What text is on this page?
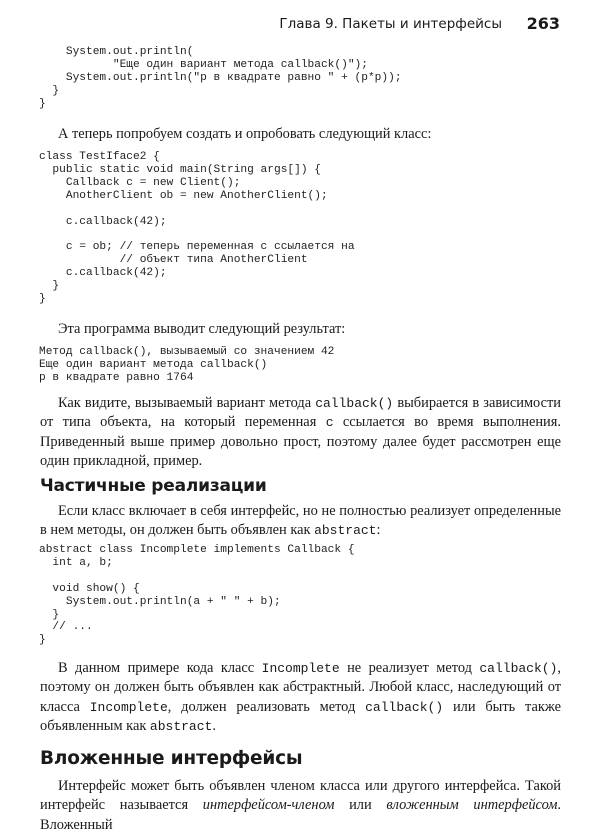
Глава 9. Пакеты и интерфейсы 263
System.out.println(
"Еще один вариант метода callback()");
System.out.println("p в квадрате равно " + (p*p));
}
}

А теперь попробуем создать и опробовать следующий класс:

class TestIface2 {
public static void main(String args[]) {
Callback c = new Client();
AnotherClient ob = new AnotherClient();

c.callback(42);

c = ob; // теперь переменная с ссылается на
// объект типа AnotherClient
c.callback(42);
}
}

Эта программа выводит следующий результат:

Метод callback(), вызываемый со значением 42
Еще один вариант метода callback()
p в квадрате равно 1764

Как видите, вызываемый вариант метода callback() выбирается в зависимости от типа объекта, на который переменная c ссылается во время выполнения. Приведенный выше пример довольно прост, поэтому далее будет рассмотрен еще один прикладной, пример.

Частичные реализации

Если класс включает в себя интерфейс, но не полностью реализует определенные в нем методы, он должен быть объявлен как abstract:

abstract class Incomplete implements Callback {
int a, b;

void show() {
System.out.println(a + " " + b);
}
// ...
}

В данном примере кода класс Incomplete не реализует метод callback(), поэтому он должен быть объявлен как абстрактный. Любой класс, наследующий от класса Incomplete, должен реализовать метод callback() или быть также объявленным как abstract.

Вложенные интерфейсы

Интерфейс может быть объявлен членом класса или другого интерфейса. Такой интерфейс называется интерфейсом-членом или вложенным интерфейсом. Вложенный
